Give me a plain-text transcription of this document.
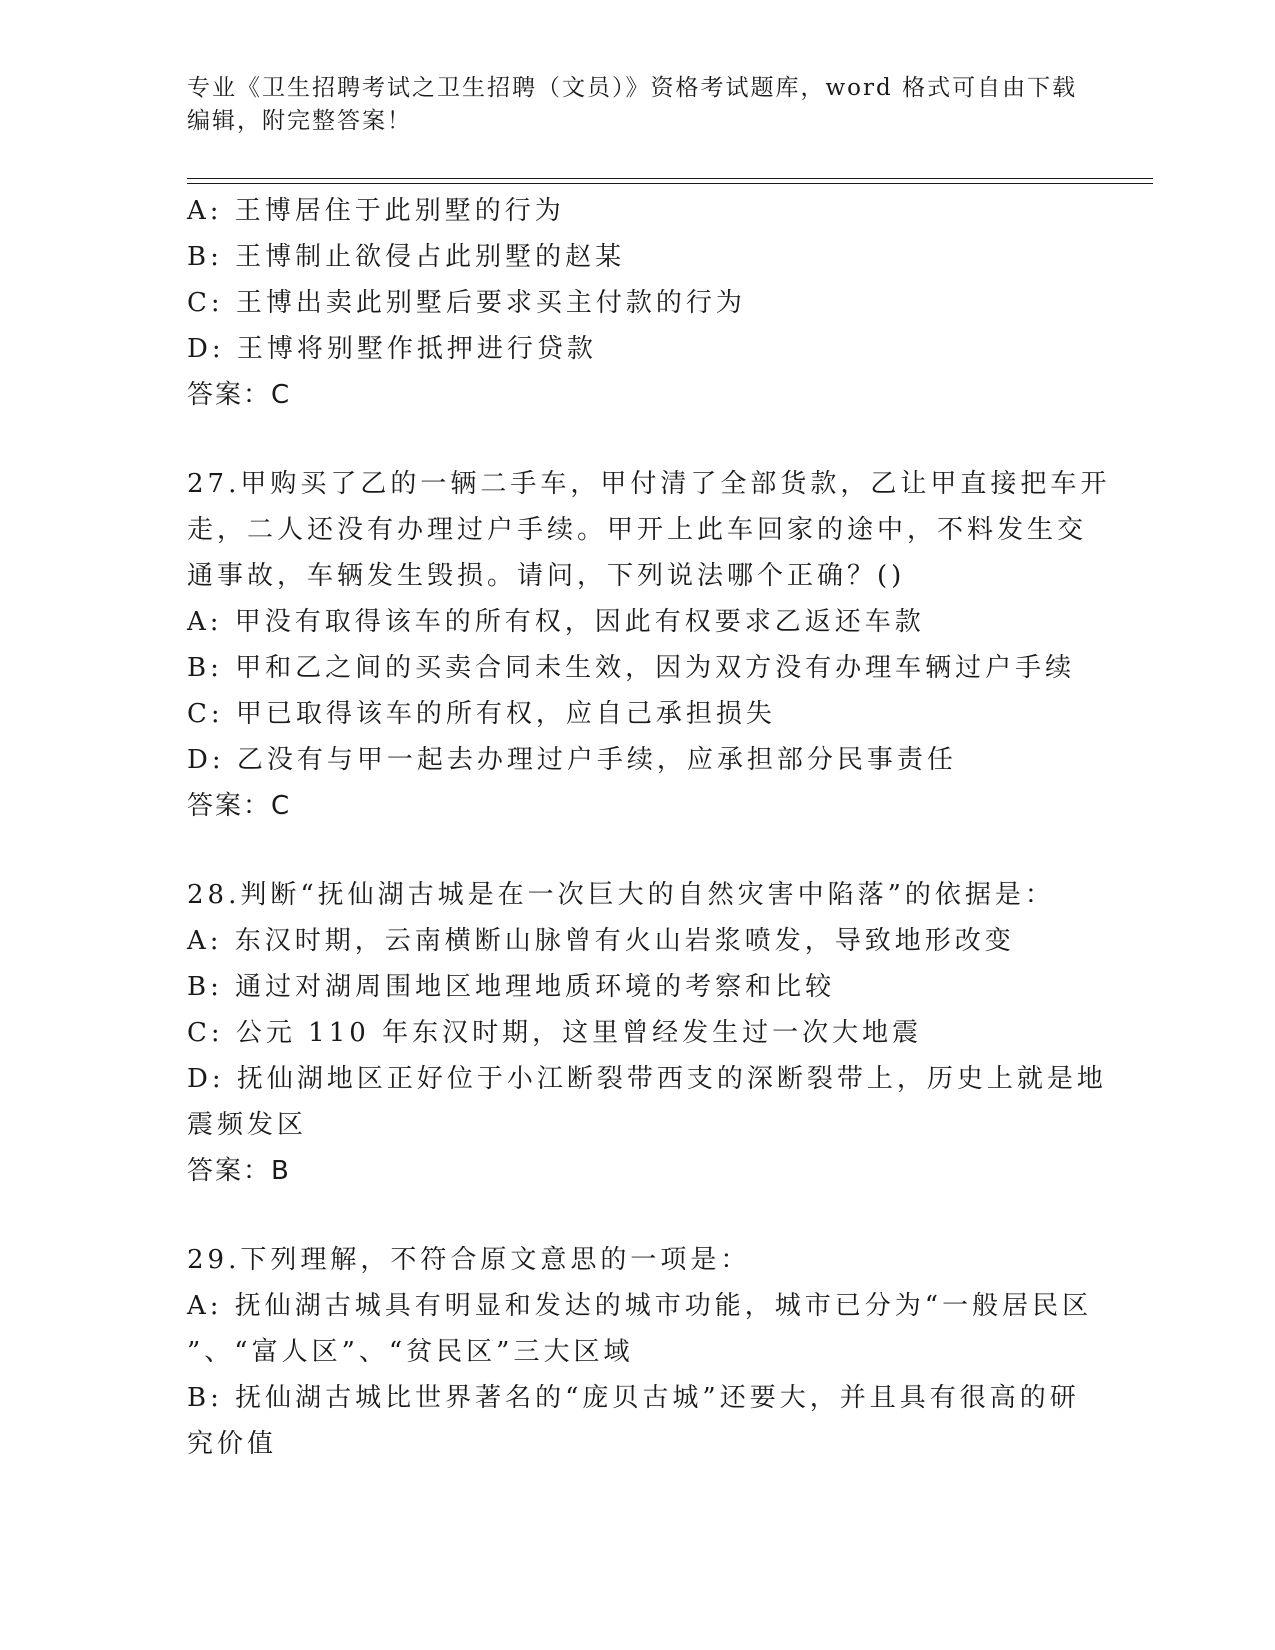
专业《卫生招聘考试之卫生招聘（文员）》资格考试题库，word 格式可自由下载
编辑，附完整答案！
A: 王博居住于此别墅的行为
B: 王博制止欲侵占此别墅的赵某
C: 王博出卖此别墅后要求买主付款的行为
D: 王博将别墅作抵押进行贷款
答案：C
27.甲购买了乙的一辆二手车，甲付清了全部货款，乙让甲直接把车开
走，二人还没有办理过户手续。甲开上此车回家的途中，不料发生交
通事故，车辆发生毁损。请问，下列说法哪个正确？()
A: 甲没有取得该车的所有权，因此有权要求乙返还车款
B: 甲和乙之间的买卖合同未生效，因为双方没有办理车辆过户手续
C: 甲已取得该车的所有权，应自己承担损失
D: 乙没有与甲一起去办理过户手续，应承担部分民事责任
答案：C
28.判断“抚仙湖古城是在一次巨大的自然灾害中陷落”的依据是：
A: 东汉时期，云南横断山脉曾有火山岩浆喷发，导致地形改变
B: 通过对湖周围地区地理地质环境的考察和比较
C: 公元 110 年东汉时期，这里曾经发生过一次大地震
D: 抚仙湖地区正好位于小江断裂带西支的深断裂带上，历史上就是地
震频发区
答案：B
29.下列理解，不符合原文意思的一项是：
A: 抚仙湖古城具有明显和发达的城市功能，城市已分为“一般居民区
”、“富人区”、“贫民区”三大区域
B: 抚仙湖古城比世界著名的“庞贝古城”还要大，并且具有很高的研
究价值
